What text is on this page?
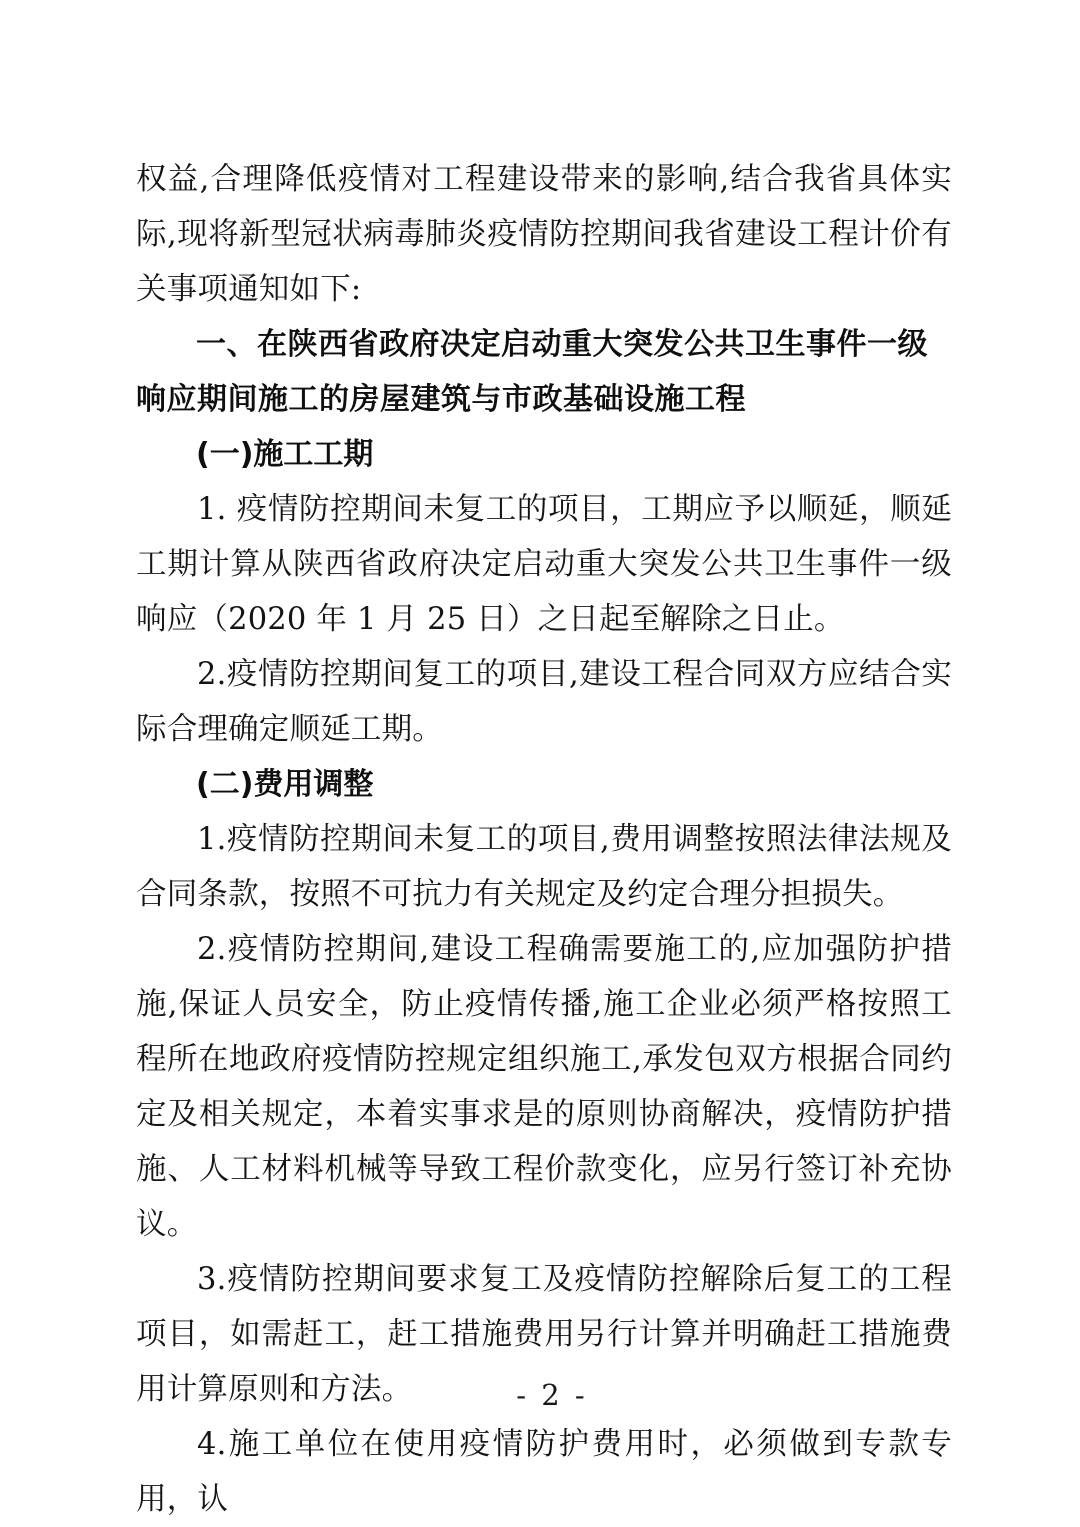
权益,合理降低疫情对工程建设带来的影响,结合我省具体实际,现将新型冠状病毒肺炎疫情防控期间我省建设工程计价有关事项通知如下:

一、在陕西省政府决定启动重大突发公共卫生事件一级响应期间施工的房屋建筑与市政基础设施工程

(一)施工工期

1. 疫情防控期间未复工的项目，工期应予以顺延，顺延工期计算从陕西省政府决定启动重大突发公共卫生事件一级响应（2020 年 1 月 25 日）之日起至解除之日止。

2.疫情防控期间复工的项目,建设工程合同双方应结合实际合理确定顺延工期。

(二)费用调整

1.疫情防控期间未复工的项目,费用调整按照法律法规及合同条款，按照不可抗力有关规定及约定合理分担损失。

2.疫情防控期间,建设工程确需要施工的,应加强防护措施,保证人员安全，防止疫情传播,施工企业必须严格按照工程所在地政府疫情防控规定组织施工,承发包双方根据合同约定及相关规定，本着实事求是的原则协商解决，疫情防护措施、人工材料机械等导致工程价款变化，应另行签订补充协议。

3.疫情防控期间要求复工及疫情防控解除后复工的工程项目，如需赶工，赶工措施费用另行计算并明确赶工措施费用计算原则和方法。

4.施工单位在使用疫情防护费用时，必须做到专款专用，认

- 2 -
